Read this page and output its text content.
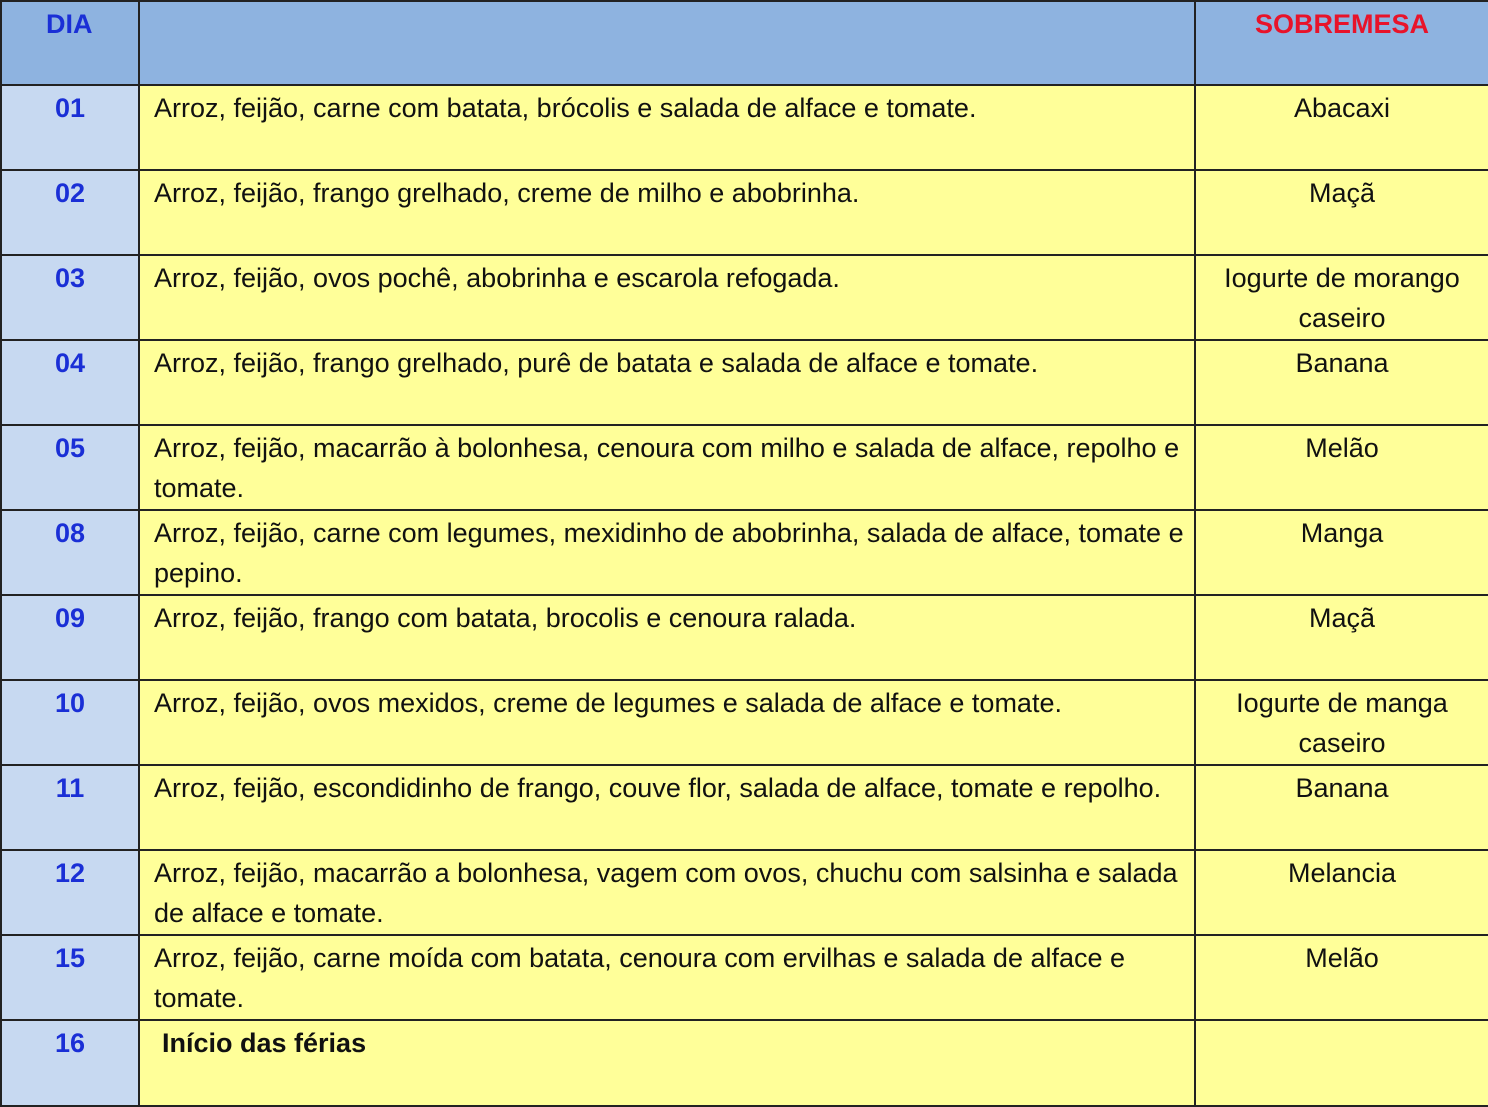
DIA		SOBREMESA
01	Arroz, feijão, carne com batata, brócolis e salada de alface e tomate.	Abacaxi
02	Arroz, feijão, frango grelhado, creme de milho e abobrinha.	Maçã
03	Arroz, feijão, ovos pochê, abobrinha e escarola refogada.	Iogurte de morango caseiro
04	Arroz, feijão, frango grelhado, purê de batata e salada de alface e tomate.	Banana
05	Arroz, feijão, macarrão à bolonhesa, cenoura com milho e salada de alface, repolho e tomate.	Melão
08	Arroz, feijão, carne com legumes, mexidinho de abobrinha, salada de alface, tomate e pepino.	Manga
09	Arroz, feijão, frango com batata, brocolis e cenoura ralada.	Maçã
10	Arroz, feijão, ovos mexidos, creme de legumes e salada de alface e tomate.	Iogurte de manga caseiro
11	Arroz, feijão, escondidinho de frango, couve flor, salada de alface, tomate e repolho.	Banana
12	Arroz, feijão, macarrão a bolonhesa, vagem com ovos, chuchu com salsinha e salada de alface e tomate.	Melancia
15	Arroz, feijão, carne moída com batata, cenoura com ervilhas e salada de alface e tomate.	Melão
16	Início das férias	
